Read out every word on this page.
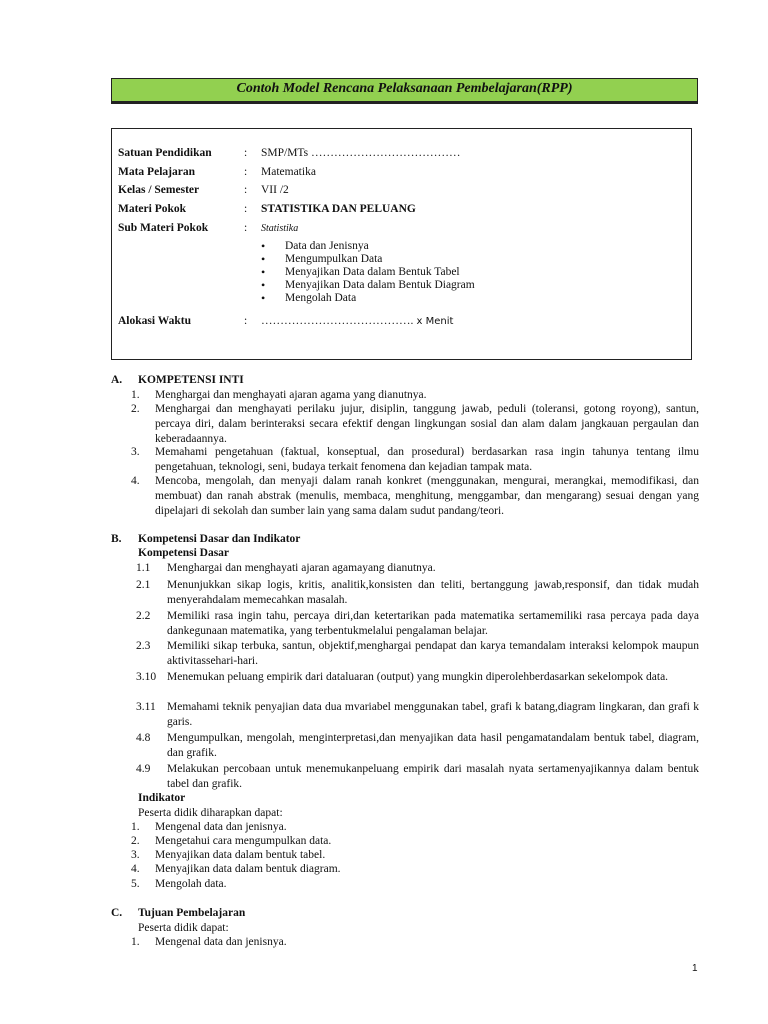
Contoh Model Rencana Pelaksanaan Pembelajaran(RPP)
Satuan Pendidikan	: SMP/MTs …………………………………
Mata Pelajaran	: Matematika
Kelas / Semester	: VII /2
Materi Pokok	: STATISTIKA DAN PELUANG
Sub Materi Pokok	: Statistika
• Data dan Jenisnya
• Mengumpulkan Data
• Menyajikan Data dalam Bentuk Tabel
• Menyajikan Data dalam Bentuk Diagram
• Mengolah Data
Alokasi Waktu	: …………………………………. x Menit
A.	KOMPETENSI INTI
1.	Menghargai dan menghayati ajaran agama yang dianutnya.
2.	Menghargai dan menghayati perilaku jujur, disiplin, tanggung jawab, peduli (toleransi, gotong royong), santun, percaya diri, dalam berinteraksi secara efektif dengan lingkungan sosial dan alam dalam jangkauan pergaulan dan keberadaannya.
3.	Memahami pengetahuan (faktual, konseptual, dan prosedural) berdasarkan rasa ingin tahunya tentang ilmu pengetahuan, teknologi, seni, budaya terkait fenomena dan kejadian tampak mata.
4.	Mencoba, mengolah, dan menyaji dalam ranah konkret (menggunakan, mengurai, merangkai, memodifikasi, dan membuat) dan ranah abstrak (menulis, membaca, menghitung, menggambar, dan mengarang) sesuai dengan yang dipelajari di sekolah dan sumber lain yang sama dalam sudut pandang/teori.
B.	Kompetensi Dasar dan Indikator
Kompetensi Dasar
1.1	Menghargai dan menghayati ajaran agamayang dianutnya.
2.1	Menunjukkan sikap logis, kritis, analitik,konsisten dan teliti, bertanggung jawab,responsif, dan tidak mudah menyerahdalam memecahkan masalah.
2.2	Memiliki rasa ingin tahu, percaya diri,dan ketertarikan pada matematika sertamemiliki rasa percaya pada daya dankegunaan matematika, yang terbentukmelalui pengalaman belajar.
2.3	Memiliki sikap terbuka, santun, objektif,menghargai pendapat dan karya temandalam interaksi kelompok maupun aktivitassehari-hari.
3.10 Menemukan peluang empirik dari dataluaran (output) yang mungkin diperolehberdasarkan sekelompok data.
3.11 Memahami teknik penyajian data dua mvariabel menggunakan tabel, grafi k batang,diagram lingkaran, dan grafi k garis.
4.8	Mengumpulkan, mengolah, menginterpretasi,dan menyajikan data hasil pengamatandalam bentuk tabel, diagram, dan grafik.
4.9	Melakukan percobaan untuk menemukanpeluang empirik dari masalah nyata sertamenyajikannya dalam bentuk tabel dan grafik.
Indikator
Peserta didik diharapkan dapat:
1.	Mengenal data dan jenisnya.
2.	Mengetahui cara mengumpulkan data.
3.	Menyajikan data dalam bentuk tabel.
4.	Menyajikan data dalam bentuk diagram.
5.	Mengolah data.
C.	Tujuan Pembelajaran
Peserta didik dapat:
1.	Mengenal data dan jenisnya.
1
